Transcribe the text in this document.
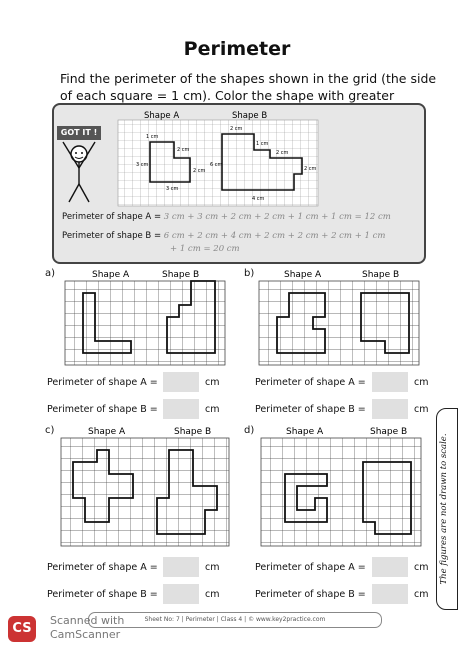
Perimeter
Find the perimeter of the shapes shown in the grid (the side of each square = 1 cm). Color the shape with greater
GOT IT !
Shape A	Shape B
1 cm
2 cm
3 cm
3 cm
2 cm
2 cm
1 cm
2 cm
4 cm
6 cm
2 cm
Perimeter of shape A = 3 cm + 3 cm + 2 cm + 2 cm + 1 cm + 1 cm = 12 cm
Perimeter of shape B = 6 cm + 2 cm + 4 cm + 2 cm + 2 cm + 2 cm + 1 cm
+ 1 cm = 20 cm
a)	Shape A	Shape B
Perimeter of shape A =	cm
Perimeter of shape B =	cm
b)	Shape A	Shape B
Perimeter of shape A =	cm
Perimeter of shape B =	cm
c)	Shape A	Shape B
Perimeter of shape A =	cm
Perimeter of shape B =	cm
d)	Shape A	Shape B
Perimeter of shape A =	cm
Perimeter of shape B =	cm
The figures are not drawn to scale.
Sheet No: 7 | Perimeter | Class 4 | © www.key2practice.com
CS
Scanned with
CamScanner
